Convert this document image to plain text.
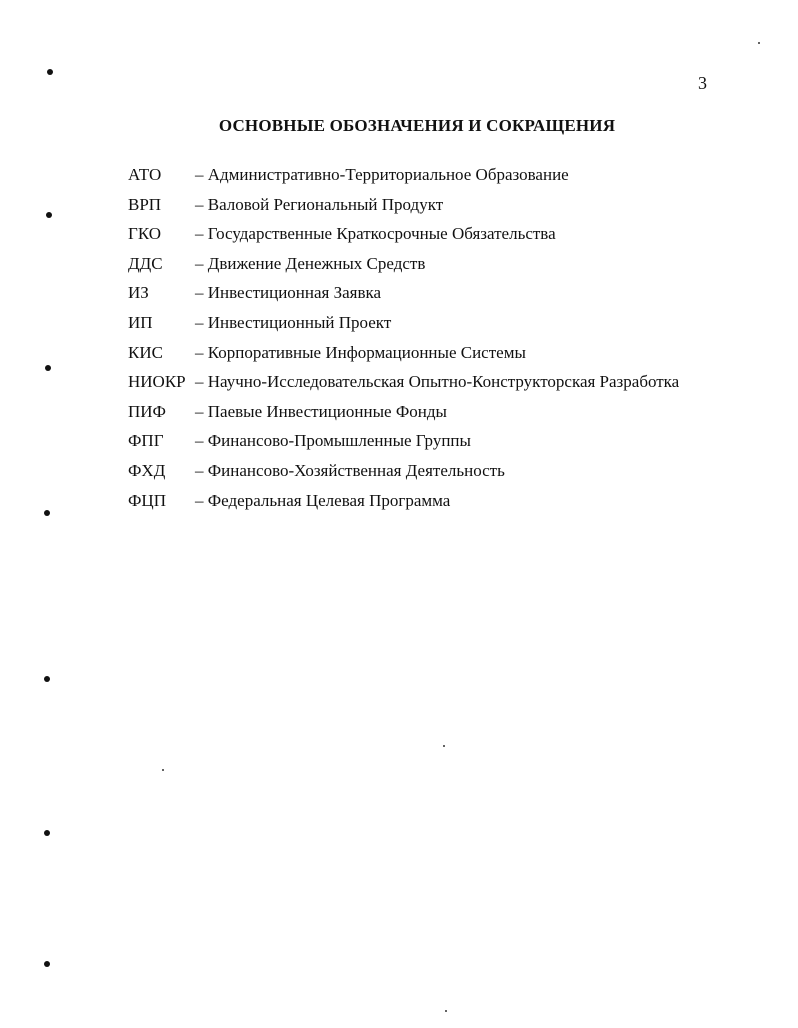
3
ОСНОВНЫЕ ОБОЗНАЧЕНИЯ И СОКРАЩЕНИЯ
АТО	– Административно-Территориальное Образование
ВРП	– Валовой Региональный Продукт
ГКО	– Государственные Краткосрочные Обязательства
ДДС	– Движение Денежных Средств
ИЗ	– Инвестиционная Заявка
ИП	– Инвестиционный Проект
КИС	– Корпоративные Информационные Системы
НИОКР – Научно-Исследовательская Опытно-Конструкторская Разработка
ПИФ	– Паевые Инвестиционные Фонды
ФПГ	– Финансово-Промышленные Группы
ФХД	– Финансово-Хозяйственная Деятельность
ФЦП	– Федеральная Целевая Программа
